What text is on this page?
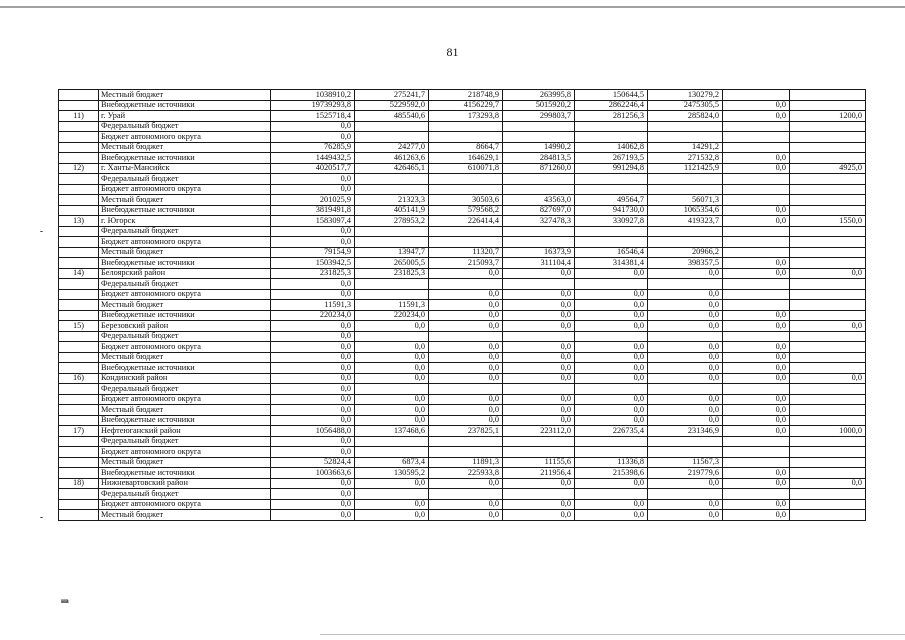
81
-
-
	Местный бюджет	1038910,2	275241,7	218748,9	263995,8	150644,5	130279,2		
	Внебюджетные источники	19739293,8	5229592,0	4156229,7	5015920,2	2862246,4	2475305,5	0,0	
11)	г. Урай	1525718,4	485540,6	173293,8	299803,7	281256,3	285824,0	0,0	1200,0
	Федеральный бюджет	0,0							
	Бюджет автономного округа	0,0							
	Местный бюджет	76285,9	24277,0	8664,7	14990,2	14062,8	14291,2		
	Внебюджетные источники	1449432,5	461263,6	164629,1	284813,5	267193,5	271532,8	0,0	
12)	г. Ханты-Мансийск	4020517,7	426465,1	610071,8	871260,0	991294,8	1121425,9	0,0	4925,0
	Федеральный бюджет	0,0							
	Бюджет автономного округа	0,0							
	Местный бюджет	201025,9	21323,3	30503,6	43563,0	49564,7	56071,3		
	Внебюджетные источники	3819491,8	405141,9	579568,2	827697,0	941730,0	1065354,6	0,0	
13)	г. Югорск	1583097,4	278953,2	226414,4	327478,3	330927,8	419323,7	0,0	1550,0
	Федеральный бюджет	0,0							
	Бюджет автономного округа	0,0							
	Местный бюджет	79154,9	13947,7	11320,7	16373,9	16546,4	20966,2		
	Внебюджетные источники	1503942,5	265005,5	215093,7	311104,4	314381,4	398357,5	0,0	
14)	Белоярский район	231825,3	231825,3	0,0	0,0	0,0	0,0	0,0	0,0
	Федеральный бюджет	0,0							
	Бюджет автономного округа	0,0		0,0	0,0	0,0	0,0		
	Местный бюджет	11591,3	11591,3	0,0	0,0	0,0	0,0		
	Внебюджетные источники	220234,0	220234,0	0,0	0,0	0,0	0,0	0,0	
15)	Березовский район	0,0	0,0	0,0	0,0	0,0	0,0	0,0	0,0
	Федеральный бюджет	0,0							
	Бюджет автономного округа	0,0	0,0	0,0	0,0	0,0	0,0	0,0	
	Местный бюджет	0,0	0,0	0,0	0,0	0,0	0,0	0,0	
	Внебюджетные источники	0,0	0,0	0,0	0,0	0,0	0,0	0,0	
16)	Кондинский район	0,0	0,0	0,0	0,0	0,0	0,0	0,0	0,0
	Федеральный бюджет	0,0							
	Бюджет автономного округа	0,0	0,0	0,0	0,0	0,0	0,0	0,0	
	Местный бюджет	0,0	0,0	0,0	0,0	0,0	0,0	0,0	
	Внебюджетные источники	0,0	0,0	0,0	0,0	0,0	0,0	0,0	
17)	Нефтеюганский район	1056488,0	137468,6	237825,1	223112,0	226735,4	231346,9	0,0	1000,0
	Федеральный бюджет	0,0							
	Бюджет автономного округа	0,0							
	Местный бюджет	52824,4	6873,4	11891,3	11155,6	11336,8	11567,3		
	Внебюджетные источники	1003663,6	130595,2	225933,8	211956,4	215398,6	219779,6	0,0	
18)	Нижневартовский район	0,0	0,0	0,0	0,0	0,0	0,0	0,0	0,0
	Федеральный бюджет	0,0							
	Бюджет автономного округа	0,0	0,0	0,0	0,0	0,0	0,0	0,0	
	Местный бюджет	0,0	0,0	0,0	0,0	0,0	0,0	0,0	
нв
